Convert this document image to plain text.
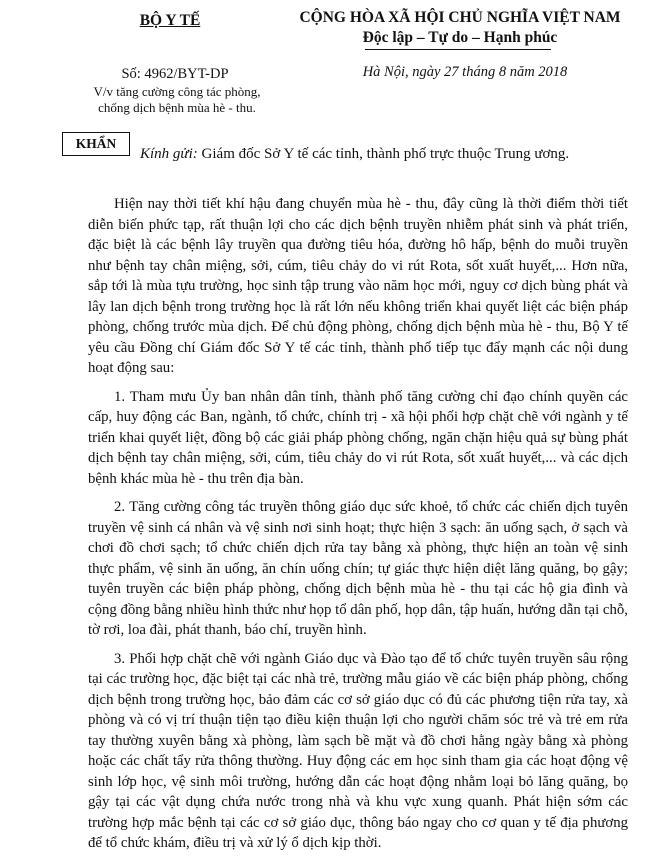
BỘ Y TẾ	CỘNG HÒA XÃ HỘI CHỦ NGHĨA VIỆT NAM
Độc lập – Tự do – Hạnh phúc
Số: 4962/BYT-DP
V/v tăng cường công tác phòng,
chống dịch bệnh mùa hè - thu.
Hà Nội, ngày 27 tháng 8 năm 2018
KHẨN
Kính gửi: Giám đốc Sở Y tế các tỉnh, thành phố trực thuộc Trung ương.

Hiện nay thời tiết khí hậu đang chuyển mùa hè - thu, đây cũng là thời điểm thời tiết diễn biến phức tạp, rất thuận lợi cho các dịch bệnh truyền nhiễm phát sinh và phát triển, đặc biệt là các bệnh lây truyền qua đường tiêu hóa, đường hô hấp, bệnh do muỗi truyền như bệnh tay chân miệng, sởi, cúm, tiêu chảy do vi rút Rota, sốt xuất huyết,... Hơn nữa, sắp tới là mùa tựu trường, học sinh tập trung vào năm học mới, nguy cơ dịch bùng phát và lây lan dịch bệnh trong trường học là rất lớn nếu không triển khai quyết liệt các biện pháp phòng, chống trước mùa dịch. Để chủ động phòng, chống dịch bệnh mùa hè - thu, Bộ Y tế yêu cầu Đồng chí Giám đốc Sở Y tế các tỉnh, thành phố tiếp tục đẩy mạnh các nội dung hoạt động sau:

1. Tham mưu Ủy ban nhân dân tỉnh, thành phố tăng cường chỉ đạo chính quyền các cấp, huy động các Ban, ngành, tổ chức, chính trị - xã hội phối hợp chặt chẽ với ngành y tế triển khai quyết liệt, đồng bộ các giải pháp phòng chống, ngăn chặn hiệu quả sự bùng phát dịch bệnh tay chân miệng, sởi, cúm, tiêu chảy do vi rút Rota, sốt xuất huyết,... và các dịch bệnh khác mùa hè - thu trên địa bàn.

2. Tăng cường công tác truyền thông giáo dục sức khoẻ, tổ chức các chiến dịch tuyên truyền vệ sinh cá nhân và vệ sinh nơi sinh hoạt; thực hiện 3 sạch: ăn uống sạch, ở sạch và chơi đồ chơi sạch; tổ chức chiến dịch rửa tay bằng xà phòng, thực hiện an toàn vệ sinh thực phẩm, vệ sinh ăn uống, ăn chín uống chín; tự giác thực hiện diệt lăng quăng, bọ gậy; tuyên truyền các biện pháp phòng, chống dịch bệnh mùa hè - thu tại các hộ gia đình và cộng đồng bằng nhiều hình thức như họp tổ dân phố, họp dân, tập huấn, hướng dẫn tại chỗ, tờ rơi, loa đài, phát thanh, báo chí, truyền hình.

3. Phối hợp chặt chẽ với ngành Giáo dục và Đào tạo để tổ chức tuyên truyền sâu rộng tại các trường học, đặc biệt tại các nhà trẻ, trường mẫu giáo về các biện pháp phòng, chống dịch bệnh trong trường học, bảo đảm các cơ sở giáo dục có đủ các phương tiện rửa tay, xà phòng và có vị trí thuận tiện tạo điều kiện thuận lợi cho người chăm sóc trẻ và trẻ em rửa tay thường xuyên bằng xà phòng, làm sạch bề mặt và đồ chơi hằng ngày bằng xà phòng hoặc các chất tẩy rửa thông thường. Huy động các em học sinh tham gia các hoạt động vệ sinh lớp học, vệ sinh môi trường, hướng dẫn các hoạt động nhằm loại bỏ lăng quăng, bọ gậy tại các vật dụng chứa nước trong nhà và khu vực xung quanh. Phát hiện sớm các trường hợp mắc bệnh tại các cơ sở giáo dục, thông báo ngay cho cơ quan y tế địa phương để tổ chức khám, điều trị và xử lý ổ dịch kịp thời.
